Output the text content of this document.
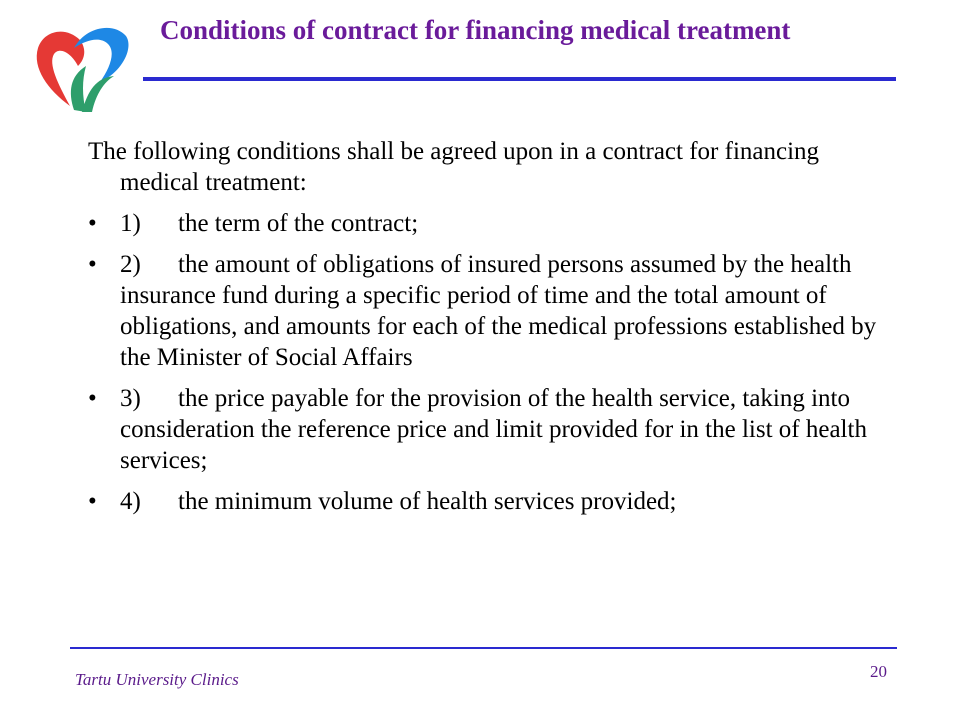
Conditions of contract for financing medical treatment

The following conditions shall be agreed upon in a contract for financing medical treatment:

• 1) the term of the contract;
• 2) the amount of obligations of insured persons assumed by the health insurance fund during a specific period of time and the total amount of obligations, and amounts for each of the medical professions established by the Minister of Social Affairs
• 3) the price payable for the provision of the health service, taking into consideration the reference price and limit provided for in the list of health services;
• 4) the minimum volume of health services provided;
Tartu University Clinics	20
